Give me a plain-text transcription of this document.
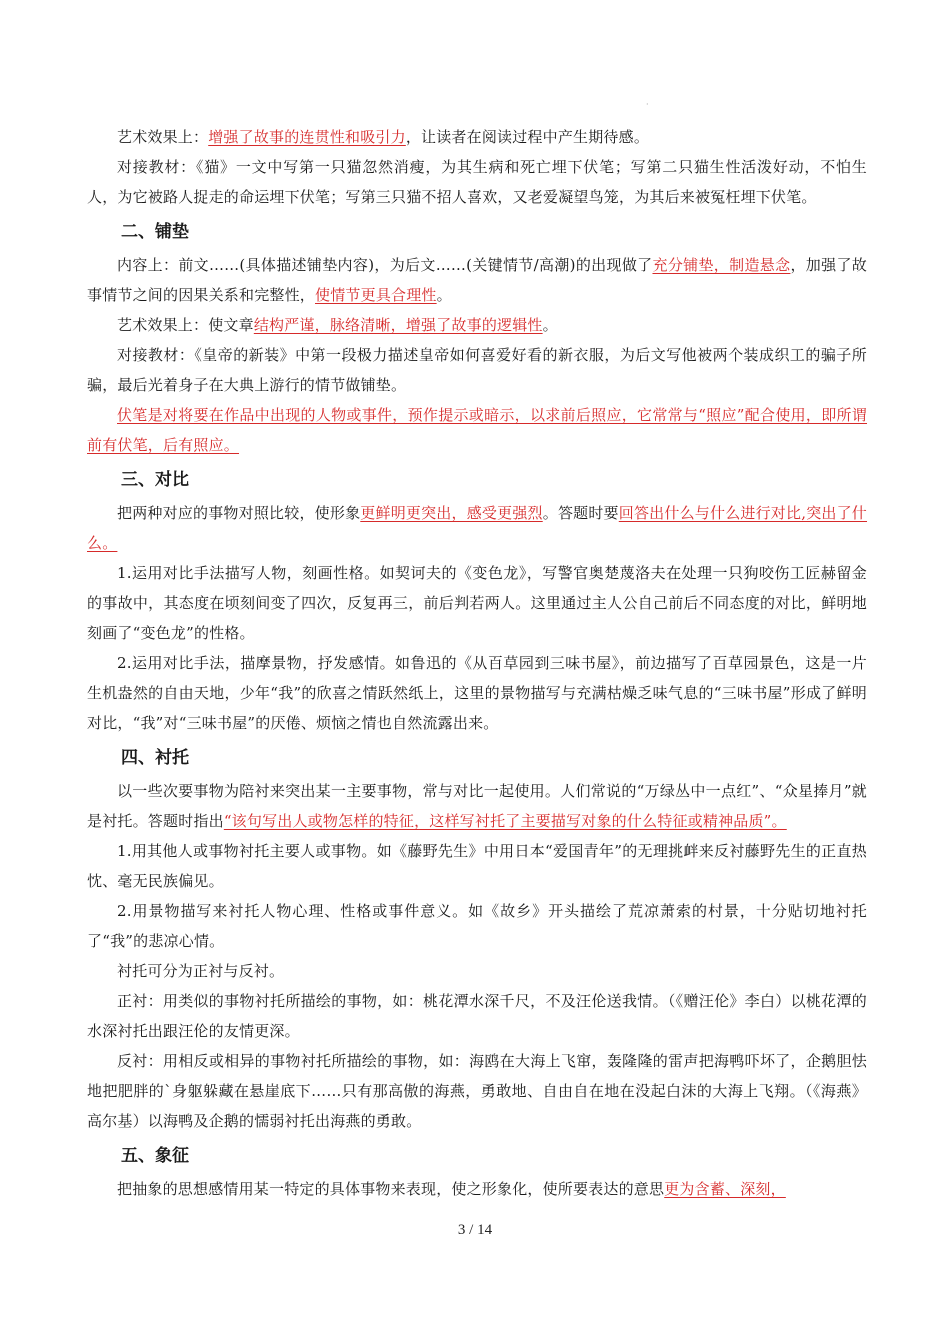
·

艺术效果上：增强了故事的连贯性和吸引力，让读者在阅读过程中产生期待感。

对接教材：《猫》一文中写第一只猫忽然消瘦，为其生病和死亡埋下伏笔；写第二只猫生性活泼好动，不怕生人，为它被路人捉走的命运埋下伏笔；写第三只猫不招人喜欢，又老爱凝望鸟笼，为其后来被冤枉埋下伏笔。

二、铺垫

内容上：前文……(具体描述铺垫内容)，为后文……(关键情节/高潮)的出现做了充分铺垫，制造悬念，加强了故事情节之间的因果关系和完整性，使情节更具合理性。

艺术效果上：使文章结构严谨，脉络清晰，增强了故事的逻辑性。

对接教材：《皇帝的新装》中第一段极力描述皇帝如何喜爱好看的新衣服，为后文写他被两个装成织工的骗子所骗，最后光着身子在大典上游行的情节做铺垫。

伏笔是对将要在作品中出现的人物或事件，预作提示或暗示，以求前后照应，它常常与“照应”配合使用，即所谓前有伏笔，后有照应。

三、对比

把两种对应的事物对照比较，使形象更鲜明更突出，感受更强烈。答题时要回答出什么与什么进行对比,突出了什么。

1.运用对比手法描写人物，刻画性格。如契诃夫的《变色龙》，写警官奥楚蔑洛夫在处理一只狗咬伤工匠赫留金的事故中，其态度在顷刻间变了四次，反复再三，前后判若两人。这里通过主人公自己前后不同态度的对比，鲜明地刻画了“变色龙”的性格。

2.运用对比手法，描摩景物，抒发感情。如鲁迅的《从百草园到三味书屋》，前边描写了百草园景色，这是一片生机盎然的自由天地，少年“我”的欣喜之情跃然纸上，这里的景物描写与充满枯燥乏味气息的“三味书屋”形成了鲜明对比，“我”对“三味书屋”的厌倦、烦恼之情也自然流露出来。

四、衬托

以一些次要事物为陪衬来突出某一主要事物，常与对比一起使用。人们常说的“万绿丛中一点红”、“众星捧月”就是衬托。答题时指出“该句写出人或物怎样的特征，这样写衬托了主要描写对象的什么特征或精神品质”。

1.用其他人或事物衬托主要人或事物。如《藤野先生》中用日本“爱国青年”的无理挑衅来反衬藤野先生的正直热忱、毫无民族偏见。

2.用景物描写来衬托人物心理、性格或事件意义。如《故乡》开头描绘了荒凉萧索的村景，十分贴切地衬托了“我”的悲凉心情。

衬托可分为正衬与反衬。

正衬：用类似的事物衬托所描绘的事物，如：桃花潭水深千尺，不及汪伦送我情。（《赠汪伦》李白）以桃花潭的水深衬托出跟汪伦的友情更深。

反衬：用相反或相异的事物衬托所描绘的事物，如：海鸥在大海上飞窜，轰隆隆的雷声把海鸭吓坏了，企鹅胆怯地把肥胖的`身躯躲藏在悬崖底下……只有那高傲的海燕，勇敢地、自由自在地在没起白沫的大海上飞翔。（《海燕》高尔基）以海鸭及企鹅的懦弱衬托出海燕的勇敢。

五、象征

把抽象的思想感情用某一特定的具体事物来表现，使之形象化，使所要表达的意思更为含蓄、深刻，

3 / 14
